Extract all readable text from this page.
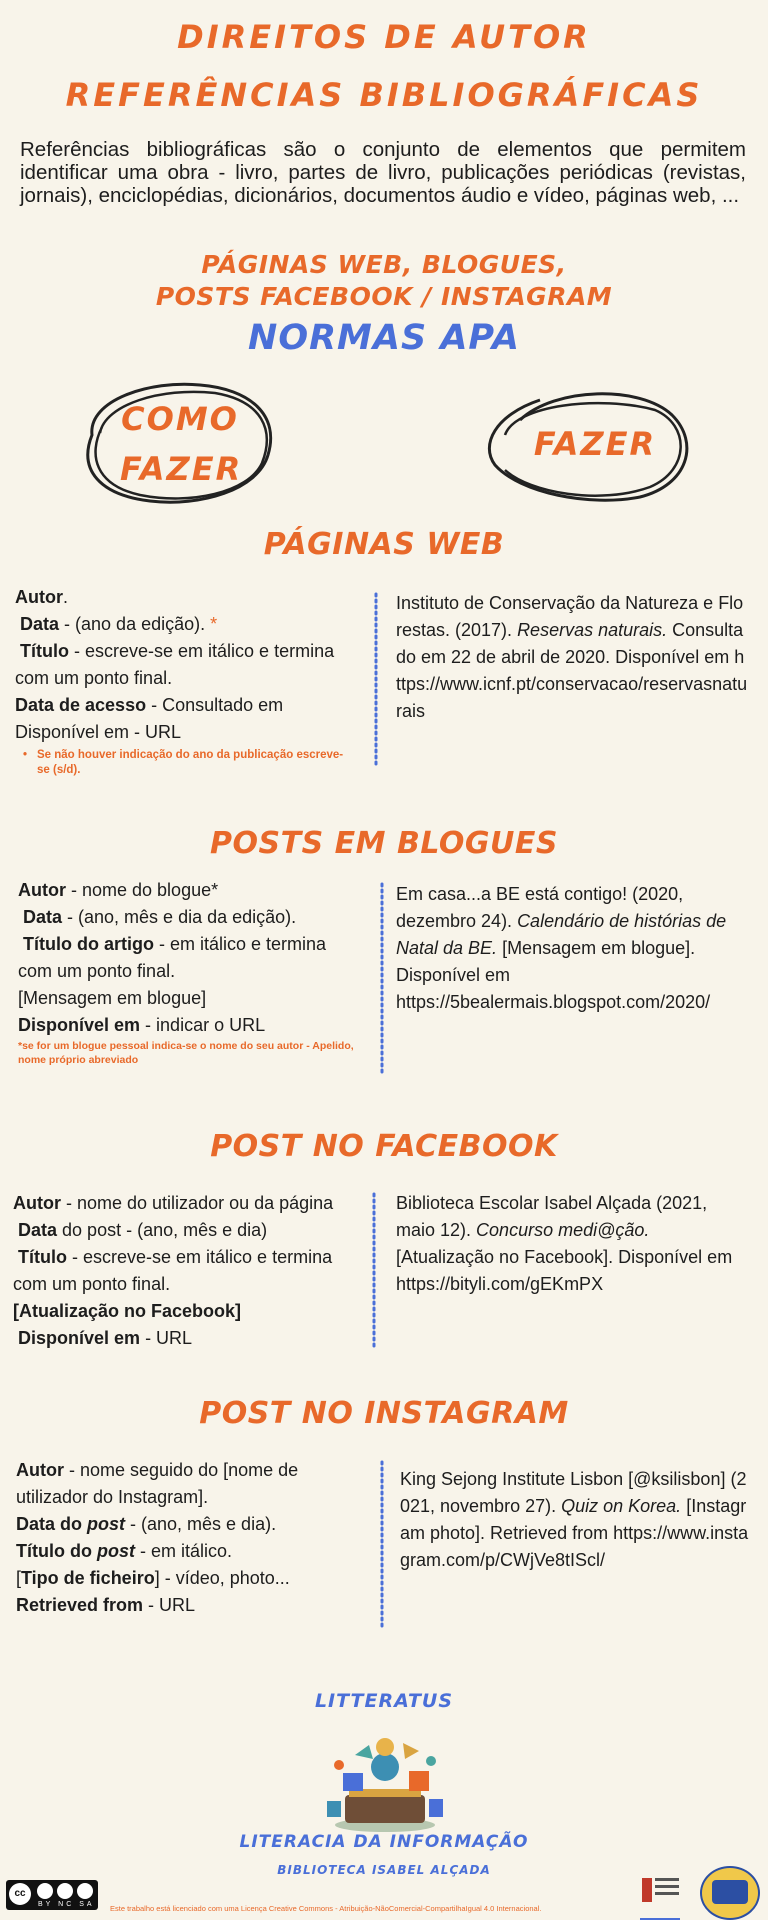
DIREITOS DE AUTOR
REFERÊNCIAS BIBLIOGRÁFICAS
Referências bibliográficas são o conjunto de elementos que permitem identificar uma obra - livro, partes de livro, publicações periódicas (revistas, jornais), enciclopédias, dicionários, documentos áudio e vídeo, páginas web, ...
PÁGINAS WEB, BLOGUES,
POSTS FACEBOOK / INSTAGRAM
NORMAS APA
COMO
FAZER
FAZER
PÁGINAS WEB
Autor.
Data - (ano da edição). *
Título - escreve-se em itálico e termina com um ponto final.
Data de acesso - Consultado em
Disponível em - URL
• Se não houver indicação do ano da publicação escreve-se (s/d).
Instituto de Conservação da Natureza e Florestas. (2017). Reservas naturais. Consultado em 22 de abril de 2020. Disponível em https://www.icnf.pt/conservacao/reservasnaturais
POSTS EM BLOGUES
Autor - nome do blogue*
Data - (ano, mês e dia da edição).
Título do artigo - em itálico e termina com um ponto final.
[Mensagem em blogue]
Disponível em - indicar o URL
*se for um blogue pessoal indica-se o nome do seu autor - Apelido, nome próprio abreviado
Em casa...a BE está contigo! (2020, dezembro 24). Calendário de histórias de Natal da BE. [Mensagem em blogue]. Disponível em https://5bealermais.blogspot.com/2020/
POST NO FACEBOOK
Autor - nome do utilizador ou da página
Data do post - (ano, mês e dia)
Título - escreve-se em itálico e termina com um ponto final.
[Atualização no Facebook]
Disponível em - URL
Biblioteca Escolar Isabel Alçada (2021, maio 12). Concurso medi@ção. [Atualização no Facebook]. Disponível em https://bityli.com/gEKmPX
POST NO INSTAGRAM
Autor - nome seguido do [nome de utilizador do Instagram].
Data do post - (ano, mês e dia).
Título do post - em itálico.
[Tipo de ficheiro] - vídeo, photo...
Retrieved from - URL
King Sejong Institute Lisbon [@ksilisbon] (2021, novembro 27). Quiz on Korea. [Instagram photo]. Retrieved from https://www.instagram.com/p/CWjVe8tIScl/
LITTERATUS
LITERACIA DA INFORMAÇÃO
BIBLIOTECA ISABEL ALÇADA
cc
BY NC SA Este trabalho está licenciado com uma Licença Creative Commons - Atribuição-NãoComercial-CompartilhaIgual 4.0 Internacional.
